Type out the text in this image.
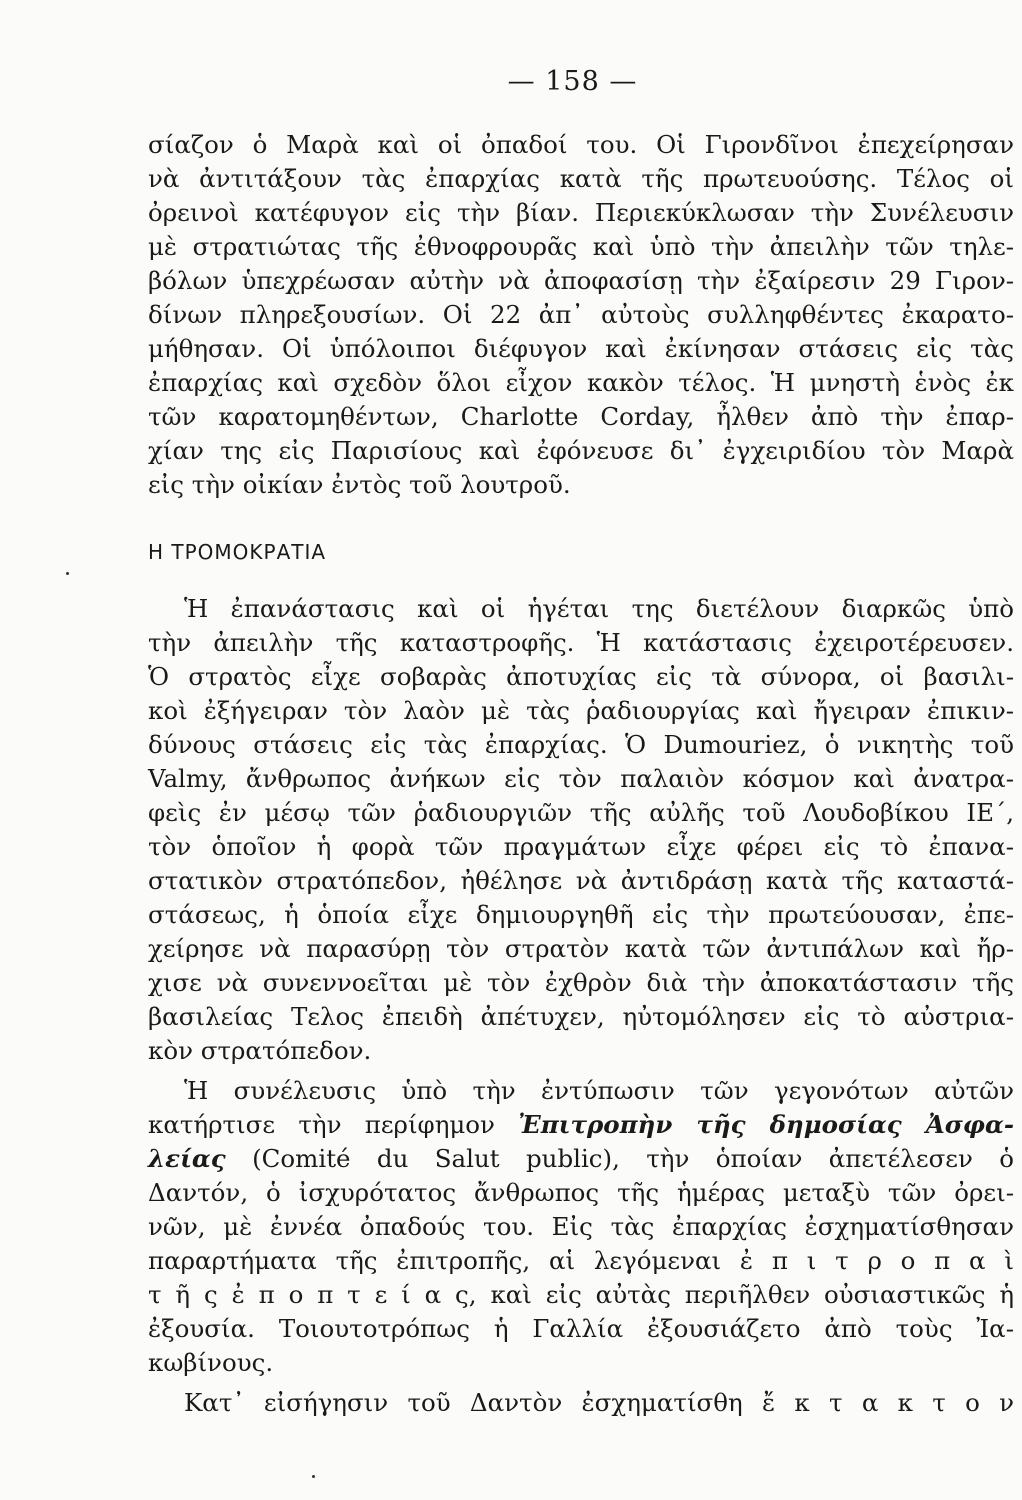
— 158 —
σίαζον ὁ Μαρὰ καὶ οἱ ὀπαδοί του. Οἱ Γιρονδῖνοι ἐπεχείρησαν
νὰ ἀντιτάξουν τὰς ἐπαρχίας κατὰ τῆς πρωτευούσης. Τέλος οἱ
ὀρεινοὶ κατέφυγον εἰς τὴν βίαν. Περιεκύκλωσαν τὴν Συνέλευσιν
μὲ στρατιώτας τῆς ἐθνοφρουρᾶς καὶ ὑπὸ τὴν ἀπειλὴν τῶν τηλε-
βόλων ὑπεχρέωσαν αὐτὴν νὰ ἀποφασίσῃ τὴν ἐξαίρεσιν 29 Γιρον-
δίνων πληρεξουσίων. Οἱ 22 ἀπ᾽ αὐτοὺς συλληφθέντες ἐκαρατο-
μήθησαν. Οἱ ὑπόλοιποι διέφυγον καὶ ἐκίνησαν στάσεις εἰς τὰς
ἐπαρχίας καὶ σχεδὸν ὅλοι εἶχον κακὸν τέλος. Ἡ μνηστὴ ἑνὸς ἐκ
τῶν καρατομηθέντων, Charlotte Corday, ἦλθεν ἀπὸ τὴν ἐπαρ-
χίαν της εἰς Παρισίους καὶ ἐφόνευσε δι᾽ ἐγχειριδίου τὸν Μαρὰ
εἰς τὴν οἰκίαν ἐντὸς τοῦ λουτροῦ.
Η ΤΡΟΜΟΚΡΑΤΙΑ
Ἡ ἐπανάστασις καὶ οἱ ἡγέται της διετέλουν διαρκῶς ὑπὸ
τὴν ἀπειλὴν τῆς καταστροφῆς. Ἡ κατάστασις ἐχειροτέρευσεν.
Ὁ στρατὸς εἶχε σοβαρὰς ἀποτυχίας εἰς τὰ σύνορα, οἱ βασιλι-
κοὶ ἐξήγειραν τὸν λαὸν μὲ τὰς ῥαδιουργίας καὶ ἤγειραν ἐπικιν-
δύνους στάσεις εἰς τὰς ἐπαρχίας. Ὁ Dumouriez, ὁ νικητὴς τοῦ
Valmy, ἄνθρωπος ἀνήκων εἰς τὸν παλαιὸν κόσμον καὶ ἀνατρα-
φεὶς ἐν μέσῳ τῶν ῥαδιουργιῶν τῆς αὐλῆς τοῦ Λουδοβίκου ΙΕ΄,
τὸν ὁποῖον ἡ φορὰ τῶν πραγμάτων εἶχε φέρει εἰς τὸ ἐπανα-
στατικὸν στρατόπεδον, ἠθέλησε νὰ ἀντιδράσῃ κατὰ τῆς καταστά-
στάσεως, ἡ ὁποία εἶχε δημιουργηθῆ εἰς τὴν πρωτεύουσαν, ἐπε-
χείρησε νὰ παρασύρῃ τὸν στρατὸν κατὰ τῶν ἀντιπάλων καὶ ἤρ-
χισε νὰ συνεννοεῖται μὲ τὸν ἐχθρὸν διὰ τὴν ἀποκατάστασιν τῆς
βασιλείας Τελος ἐπειδὴ ἀπέτυχεν, ηὐτομόλησεν εἰς τὸ αὐστρια-
κὸν στρατόπεδον.
Ἡ συνέλευσις ὑπὸ τὴν ἐντύπωσιν τῶν γεγονότων αὐτῶν
κατήρτισε τὴν περίφημον Ἐπιτροπὴν τῆς δημοσίας Ἀσφα-
λείας (Comité du Salut public), τὴν ὁποίαν ἀπετέλεσεν ὁ
Δαντόν, ὁ ἰσχυρότατος ἄνθρωπος τῆς ἡμέρας μεταξὺ τῶν ὀρει-
νῶν, μὲ ἐννέα ὀπαδούς του. Εἰς τὰς ἐπαρχίας ἐσχηματίσθησαν
παραρτήματα τῆς ἐπιτροπῆς, αἱ λεγόμεναι ἐ π ι τ ρ ο π α ὶ
τ ῆ ς ἐ π ο π τ ε ί α ς, καὶ εἰς αὐτὰς περιῆλθεν οὐσιαστικῶς ἡ
ἐξουσία. Τοιουτοτρόπως ἡ Γαλλία ἐξουσιάζετο ἀπὸ τοὺς Ἰα-
κωβίνους.
Κατ᾽ εἰσήγησιν τοῦ Δαντὸν ἐσχηματίσθη ἔ κ τ α κ τ ο ν
